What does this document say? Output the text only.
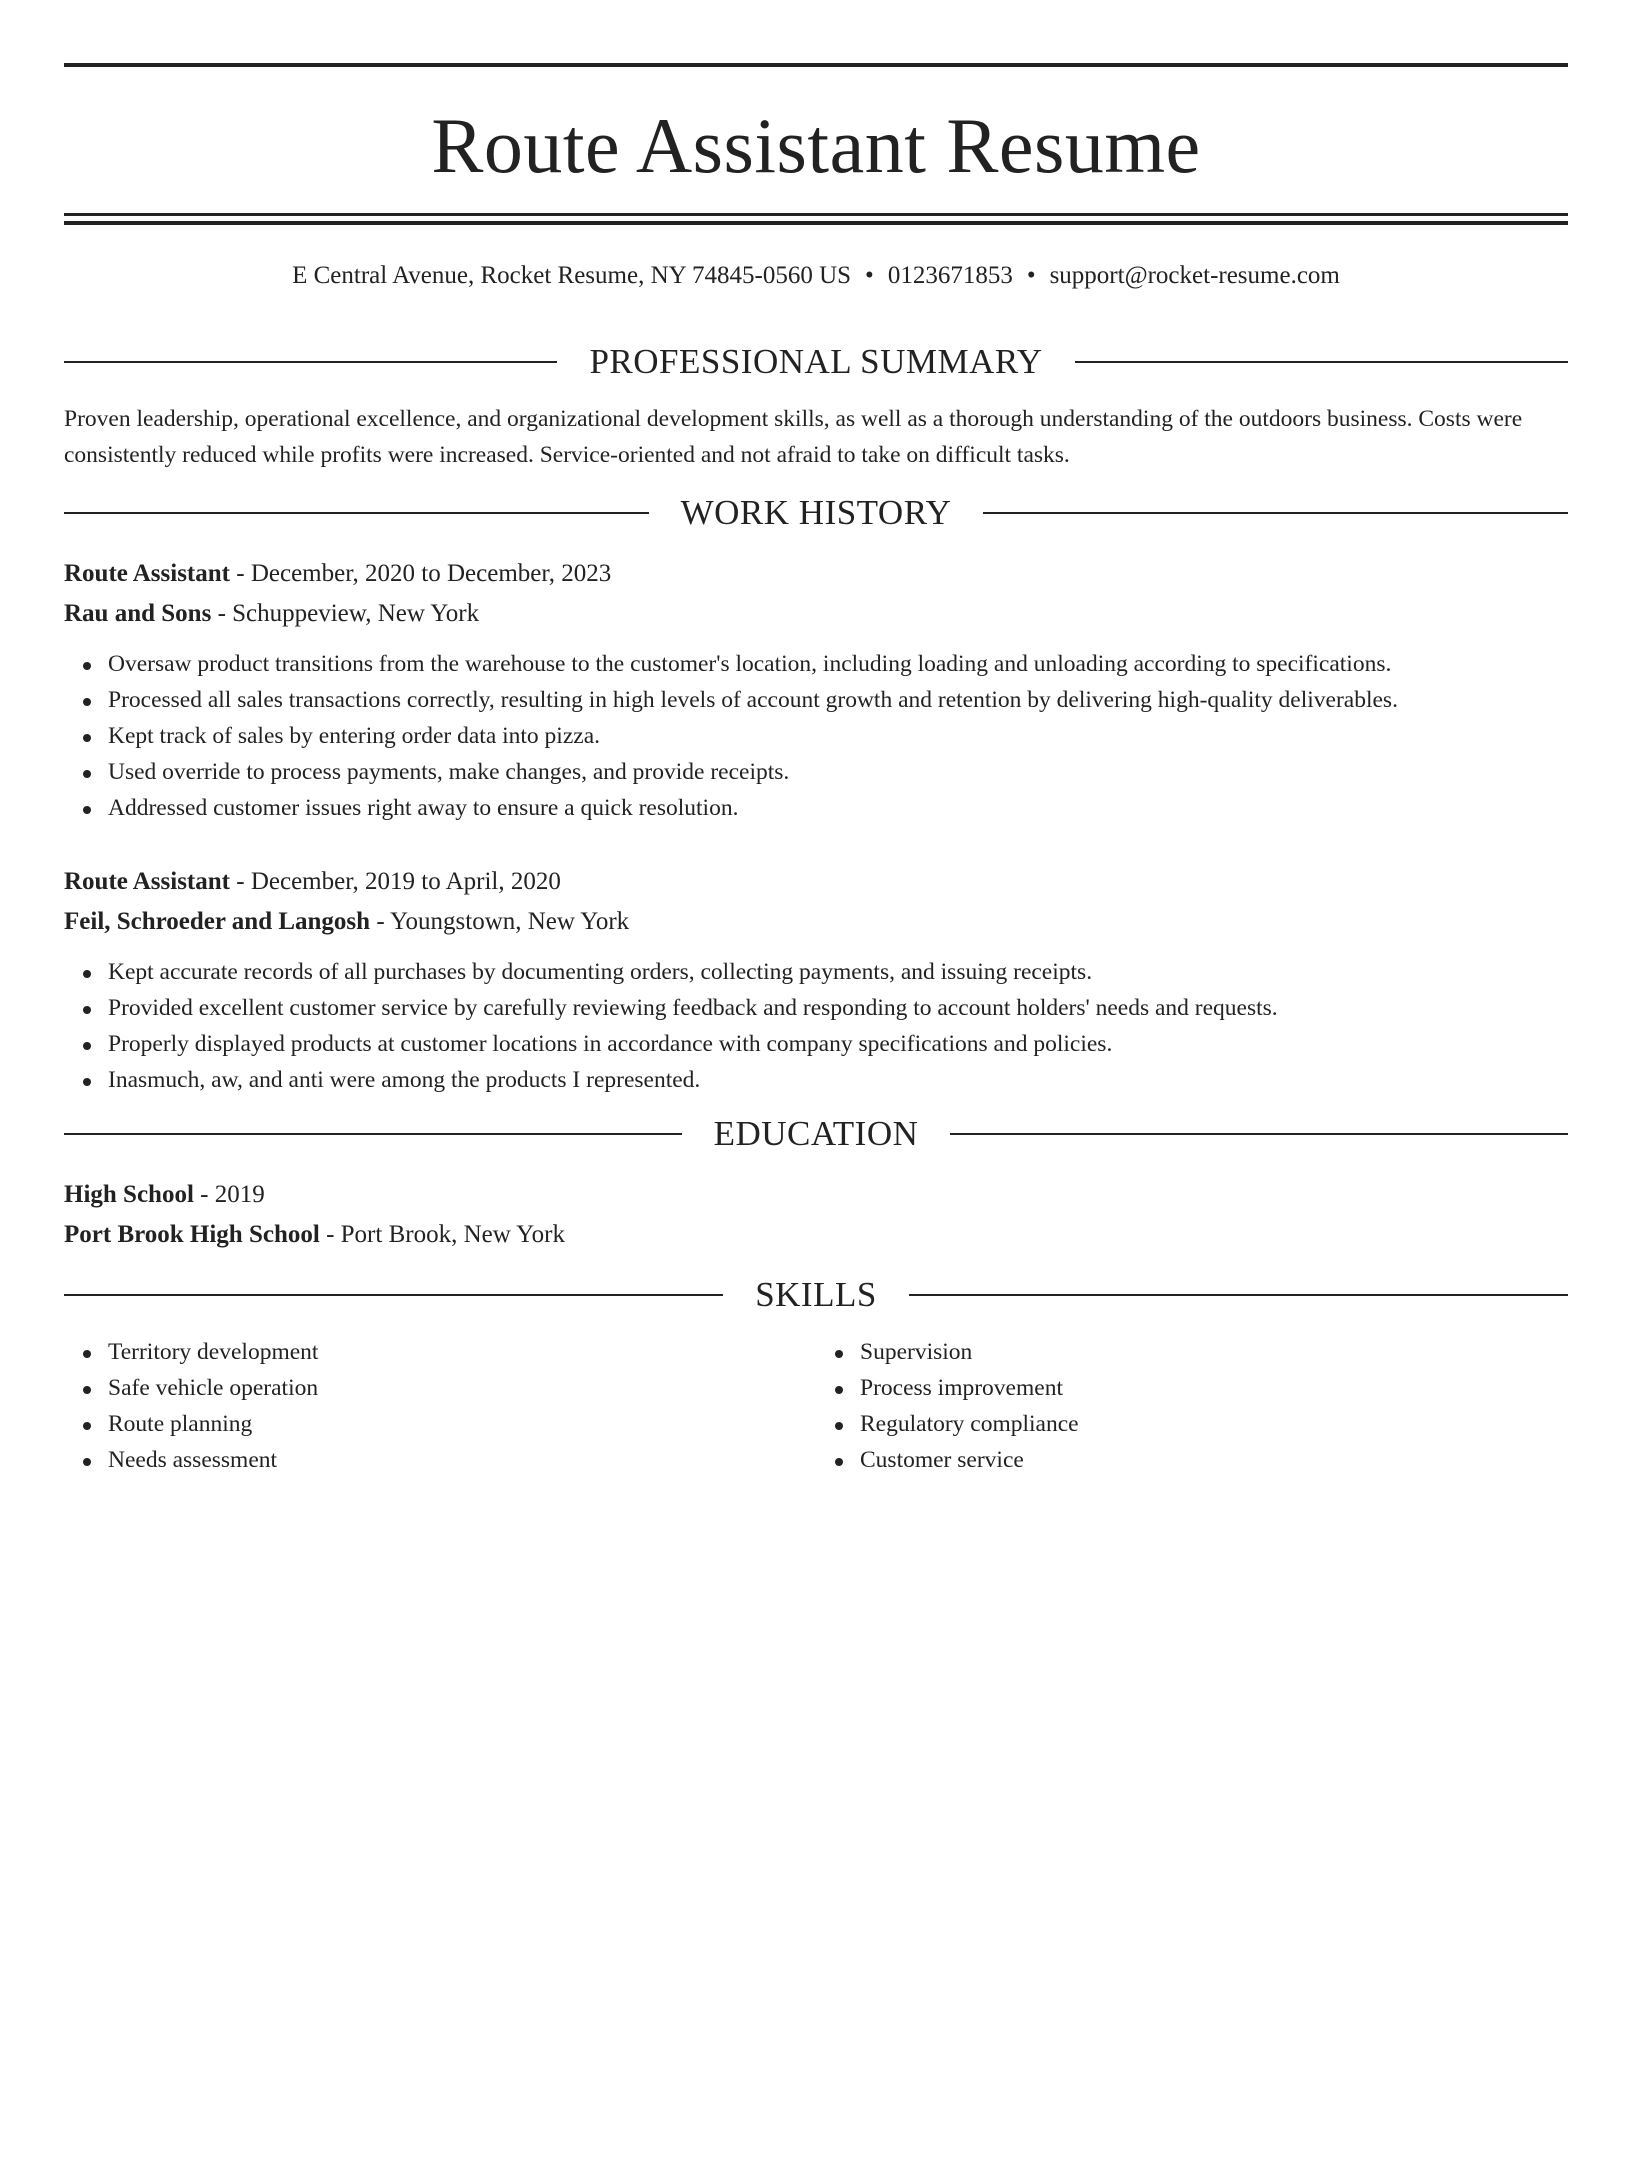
Route Assistant Resume
E Central Avenue, Rocket Resume, NY 74845-0560 US • 0123671853 • support@rocket-resume.com
PROFESSIONAL SUMMARY
Proven leadership, operational excellence, and organizational development skills, as well as a thorough understanding of the outdoors business. Costs were consistently reduced while profits were increased. Service-oriented and not afraid to take on difficult tasks.
WORK HISTORY
Route Assistant - December, 2020 to December, 2023
Rau and Sons - Schuppeview, New York
Oversaw product transitions from the warehouse to the customer's location, including loading and unloading according to specifications.
Processed all sales transactions correctly, resulting in high levels of account growth and retention by delivering high-quality deliverables.
Kept track of sales by entering order data into pizza.
Used override to process payments, make changes, and provide receipts.
Addressed customer issues right away to ensure a quick resolution.
Route Assistant - December, 2019 to April, 2020
Feil, Schroeder and Langosh - Youngstown, New York
Kept accurate records of all purchases by documenting orders, collecting payments, and issuing receipts.
Provided excellent customer service by carefully reviewing feedback and responding to account holders' needs and requests.
Properly displayed products at customer locations in accordance with company specifications and policies.
Inasmuch, aw, and anti were among the products I represented.
EDUCATION
High School - 2019
Port Brook High School - Port Brook, New York
SKILLS
Territory development
Safe vehicle operation
Route planning
Needs assessment
Supervision
Process improvement
Regulatory compliance
Customer service
